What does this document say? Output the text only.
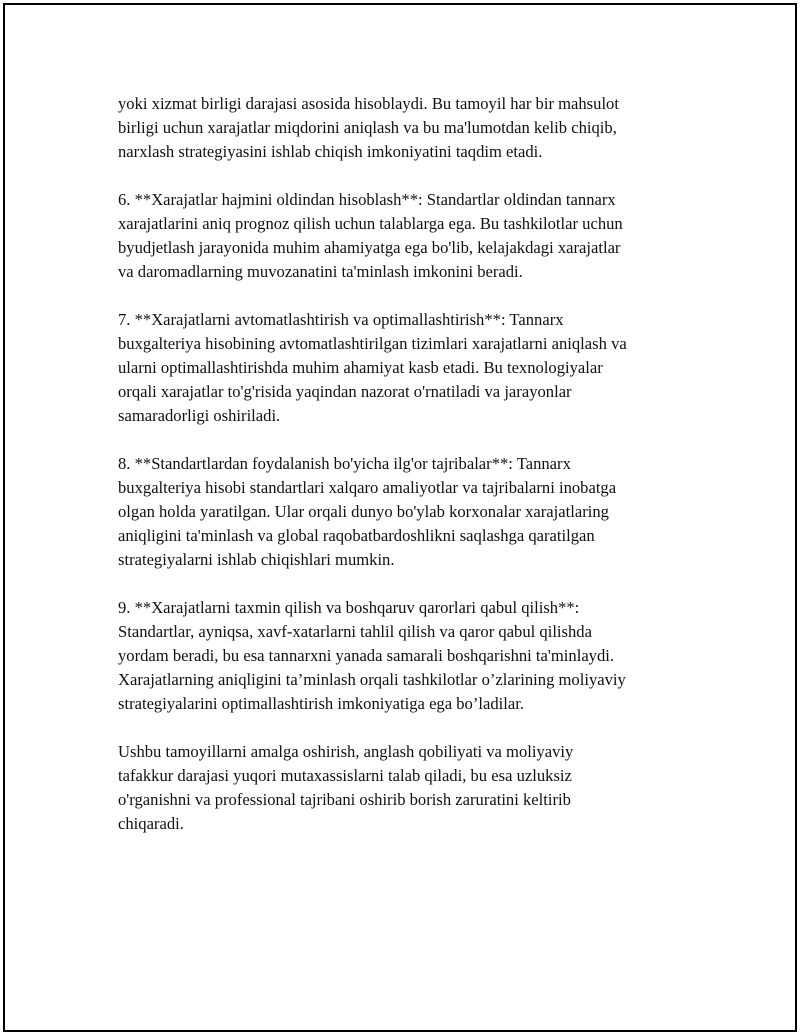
yoki xizmat birligi darajasi asosida hisoblaydi. Bu tamoyil har bir mahsulot
birligi uchun xarajatlar miqdorini aniqlash va bu ma'lumotdan kelib chiqib,
narxlash strategiyasini ishlab chiqish imkoniyatini taqdim etadi.

6. **Xarajatlar hajmini oldindan hisoblash**: Standartlar oldindan tannarx
xarajatlarini aniq prognoz qilish uchun talablarga ega. Bu tashkilotlar uchun
byudjetlash jarayonida muhim ahamiyatga ega bo'lib, kelajakdagi xarajatlar
va daromadlarning muvozanatini ta'minlash imkonini beradi.

7. **Xarajatlarni avtomatlashtirish va optimallashtirish**: Tannarx
buxgalteriya hisobining avtomatlashtirilgan tizimlari xarajatlarni aniqlash va
ularni optimallashtirishda muhim ahamiyat kasb etadi. Bu texnologiyalar
orqali xarajatlar to'g'risida yaqindan nazorat o'rnatiladi va jarayonlar
samaradorligi oshiriladi.

8. **Standartlardan foydalanish bo'yicha ilg'or tajribalar**: Tannarx
buxgalteriya hisobi standartlari xalqaro amaliyotlar va tajribalarni inobatga
olgan holda yaratilgan. Ular orqali dunyo bo'ylab korxonalar xarajatlaring
aniqligini ta'minlash va global raqobatbardoshlikni saqlashga qaratilgan
strategiyalarni ishlab chiqishlari mumkin.

9. **Xarajatlarni taxmin qilish va boshqaruv qarorlari qabul qilish**:
Standartlar, ayniqsa, xavf-xatarlarni tahlil qilish va qaror qabul qilishda
yordam beradi, bu esa tannarxni yanada samarali boshqarishni ta'minlaydi.
Xarajatlarning aniqligini ta’minlash orqali tashkilotlar o’zlarining moliyaviy
strategiyalarini optimallashtirish imkoniyatiga ega bo’ladilar.

Ushbu tamoyillarni amalga oshirish, anglash qobiliyati va moliyaviy
tafakkur darajasi yuqori mutaxassislarni talab qiladi, bu esa uzluksiz
o'rganishni va professional tajribani oshirib borish zaruratini keltirib
chiqaradi.
